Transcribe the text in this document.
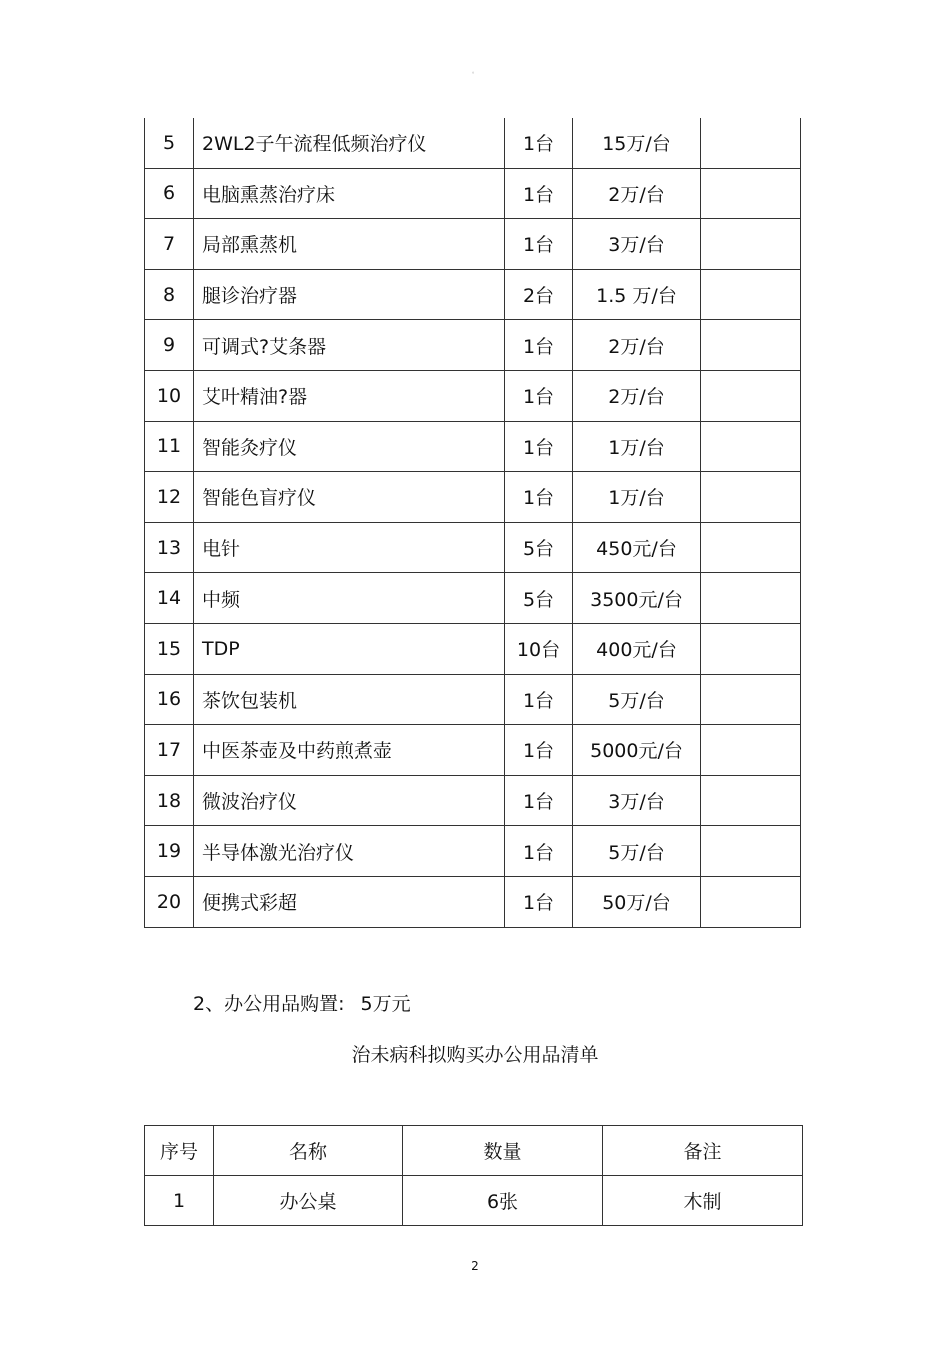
。
5	2WL2子午流程低频治疗仪	1台	15万/台	
6	电脑熏蒸治疗床	1台	2万/台	
7	局部熏蒸机	1台	3万/台	
8	腿诊治疗器	2台	1.5 万/台	
9	可调式?艾条器	1台	2万/台	
10	艾叶精油?器	1台	2万/台	
11	智能灸疗仪	1台	1万/台	
12	智能色盲疗仪	1台	1万/台	
13	电针	5台	450元/台	
14	中频	5台	3500元/台	
15	TDP	10台	400元/台	
16	茶饮包装机	1台	5万/台	
17	中医茶壶及中药煎煮壶	1台	5000元/台	
18	微波治疗仪	1台	3万/台	
19	半导体激光治疗仪	1台	5万/台	
20	便携式彩超	1台	50万/台	
2、办公用品购置: 5万元
治未病科拟购买办公用品清单
序号	名称	数量	备注
1	办公桌	6张	木制
2
